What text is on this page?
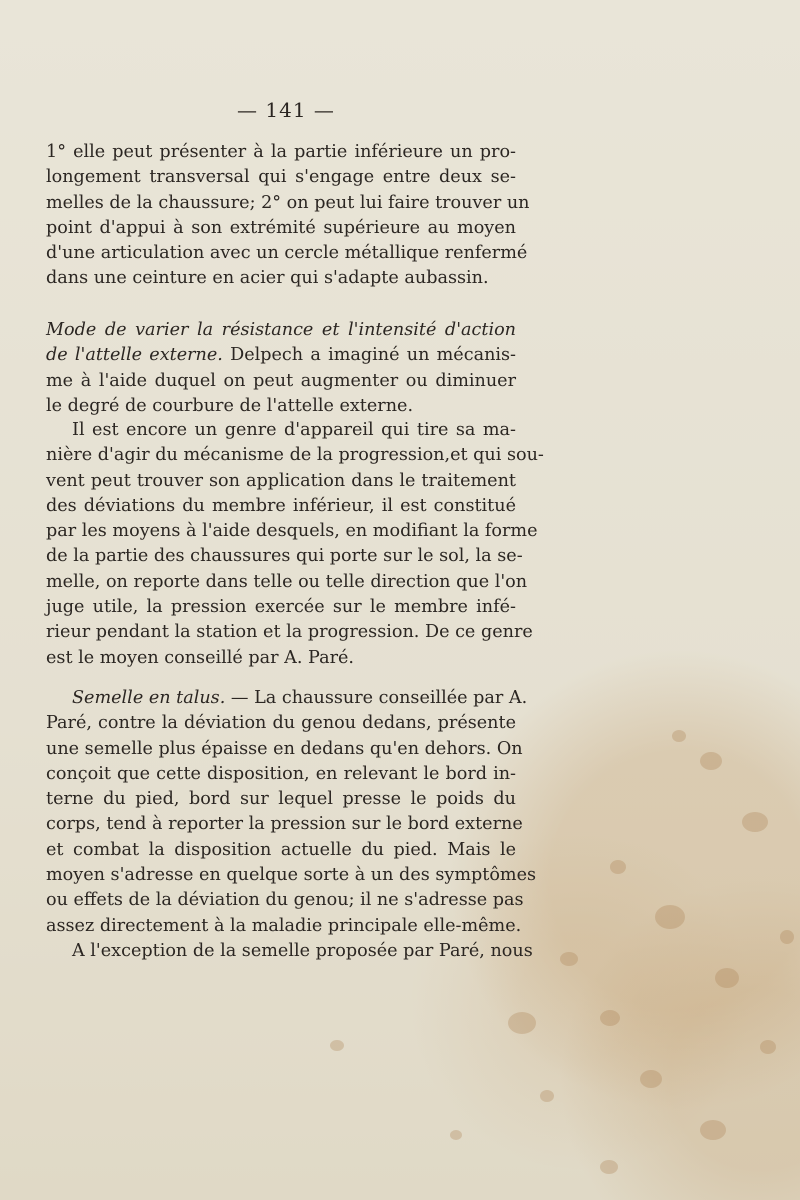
— 141 —
1° elle peut présenter à la partie inférieure un pro-
longement transversal qui s'engage entre deux se-
melles de la chaussure; 2° on peut lui faire trouver un
point d'appui à son extrémité supérieure au moyen
d'une articulation avec un cercle métallique renfermé
dans une ceinture en acier qui s'adapte aubassin.
Mode de varier la résistance et l'intensité d'action
de l'attelle externe. Delpech a imaginé un mécanis-
me à l'aide duquel on peut augmenter ou diminuer
le degré de courbure de l'attelle externe.
Il est encore un genre d'appareil qui tire sa ma-
nière d'agir du mécanisme de la progression,et qui sou-
vent peut trouver son application dans le traitement
des déviations du membre inférieur, il est constitué
par les moyens à l'aide desquels, en modifiant la forme
de la partie des chaussures qui porte sur le sol, la se-
melle, on reporte dans telle ou telle direction que l'on
juge utile, la pression exercée sur le membre infé-
rieur pendant la station et la progression. De ce genre
est le moyen conseillé par A. Paré.
Semelle en talus. — La chaussure conseillée par A.
Paré, contre la déviation du genou dedans, présente
une semelle plus épaisse en dedans qu'en dehors. On
conçoit que cette disposition, en relevant le bord in-
terne du pied, bord sur lequel presse le poids du
corps, tend à reporter la pression sur le bord externe
et combat la disposition actuelle du pied. Mais le
moyen s'adresse en quelque sorte à un des symptômes
ou effets de la déviation du genou; il ne s'adresse pas
assez directement à la maladie principale elle-même.
A l'exception de la semelle proposée par Paré, nous
